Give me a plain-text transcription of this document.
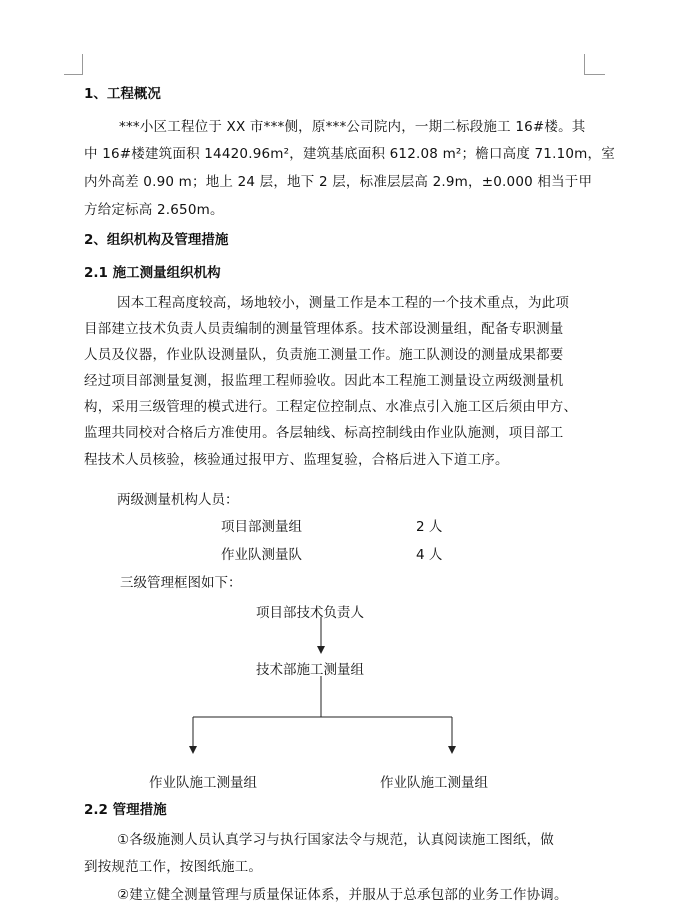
1、工程概况
***小区工程位于 XX 市***侧，原***公司院内，一期二标段施工 16#楼。其
中 16#楼建筑面积 14420.96m²，建筑基底面积 612.08 m²；檐口高度 71.10m，室
内外高差 0.90 m；地上 24 层，地下 2 层，标准层层高 2.9m，±0.000 相当于甲
方给定标高 2.650m。
2、组织机构及管理措施
2.1 施工测量组织机构
因本工程高度较高，场地较小，测量工作是本工程的一个技术重点，为此项
目部建立技术负责人员责编制的测量管理体系。技术部设测量组，配备专职测量
人员及仪器，作业队设测量队，负责施工测量工作。施工队测设的测量成果都要
经过项目部测量复测，报监理工程师验收。因此本工程施工测量设立两级测量机
构，采用三级管理的模式进行。工程定位控制点、水准点引入施工区后须由甲方、
监理共同校对合格后方准使用。各层轴线、标高控制线由作业队施测，项目部工
程技术人员核验，核验通过报甲方、监理复验，合格后进入下道工序。
两级测量机构人员：
项目部测量组	2 人
作业队测量队	4 人
三级管理框图如下：
项目部技术负责人
技术部施工测量组
作业队施工测量组	作业队施工测量组
2.2 管理措施
①各级施测人员认真学习与执行国家法令与规范，认真阅读施工图纸，做
到按规范工作，按图纸施工。
②建立健全测量管理与质量保证体系，并服从于总承包部的业务工作协调。
